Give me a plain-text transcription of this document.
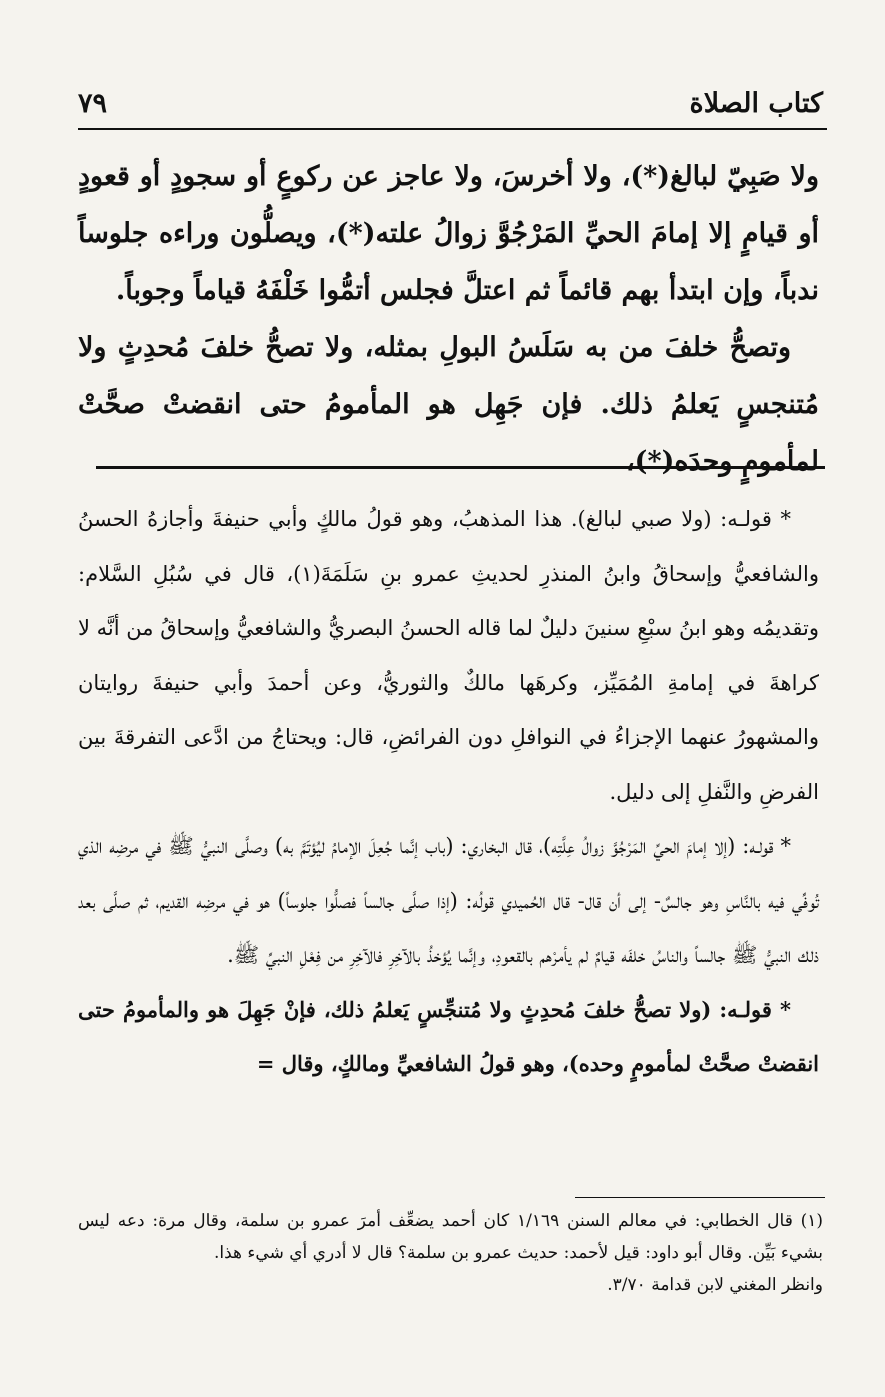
كتاب الصلاة
٧٩

ولا صَبِيّ لبالغ(*)، ولا أخرسَ، ولا عاجز عن ركوعٍ أو سجودٍ أو قعودٍ أو قيامٍ إلا إمامَ الحيِّ المَرْجُوَّ زوالُ علته(*)، ويصلُّون وراءه جلوساً ندباً، وإن ابتدأ بهم قائماً ثم اعتلَّ فجلس أتمُّوا خَلْفَهُ قياماً وجوباً.

وتصحُّ خلفَ من به سَلَسُ البولِ بمثله، ولا تصحُّ خلفَ مُحدِثٍ ولا مُتنجسٍ يَعلمُ ذلك. فإن جَهِل هو المأمومُ حتى انقضتْ صحَّتْ لمأمومٍ وحدَه(*)،

* قولـه: (ولا صبي لبالغ). هذا المذهبُ، وهو قولُ مالكٍ وأبي حنيفةَ وأجازهُ الحسنُ والشافعيُّ وإسحاقُ وابنُ المنذرِ لحديثِ عمرو بنِ سَلَمَةَ(١)، قال في سُبُلِ السَّلام: وتقديمُه وهو ابنُ سبْعِ سنينَ دليلٌ لما قاله الحسنُ البصريُّ والشافعيُّ وإسحاقُ من أنَّه لا كراهةَ في إمامةِ المُمَيِّز، وكرهَها مالكٌ والثوريُّ، وعن أحمدَ وأبي حنيفةَ روايتان والمشهورُ عنهما الإجزاءُ في النوافلِ دون الفرائضِ، قال: ويحتاجُ من ادَّعى التفرقةَ بين الفرضِ والنَّفلِ إلى دليل.

* قولـه: (إلا إمامَ الحيِّ المَرْجُوَّ زوالُ عِلَّتِه)، قال البخاري: (باب إنَّما جُعِلَ الإمامُ ليُؤتَمَّ به) وصلَّى النبيُّ ﷺ في مرضِه الذي تُوفِّي فيه بالنَّاسِ وهو جالسٌ- إلى أن قال- قال الحُميدي قولُه: (إذا صلَّى جالساً فصلُّوا جلوساً) هو في مرضِه القديم، ثم صلَّى بعد ذلك النبيُّ ﷺ جالساً والناسُ خلفَه قيامٌ لم يأمرْهم بالقعودِ، وإنَّما يُؤخذُ بالآخِرِ فالآخِرِ من فِعْلِ النبيِّ ﷺ.

* قولـه: (ولا تصحُّ خلفَ مُحدِثٍ ولا مُتنجِّسٍ يَعلمُ ذلك، فإنْ جَهِلَ هو والمأمومُ حتى انقضتْ صحَّتْ لمأمومٍ وحده)، وهو قولُ الشافعيِّ ومالكٍ، وقال =

(١) قال الخطابي: في معالم السنن ١/١٦٩ كان أحمد يضعِّف أمرَ عمرو بن سلمة، وقال مرة: دعه ليس بشيء بَيِّن. وقال أبو داود: قيل لأحمد: حديث عمرو بن سلمة؟ قال لا أدري أي شيء هذا.

وانظر المغني لابن قدامة ٣/٧٠.
